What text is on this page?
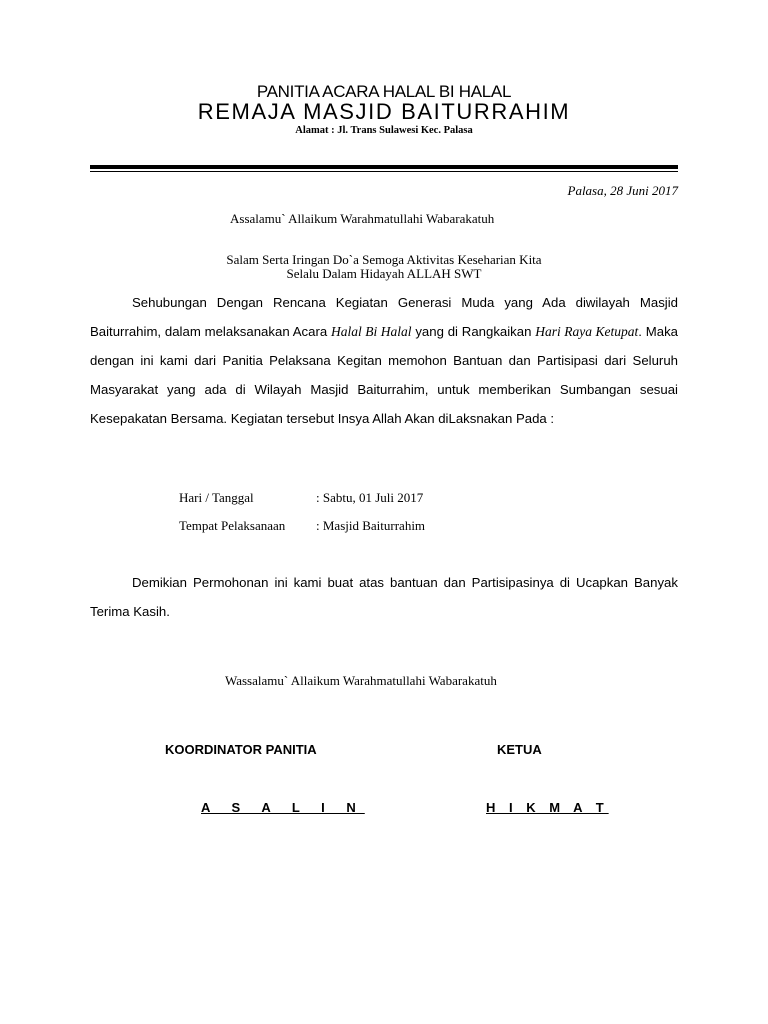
PANITIA ACARA HALAL BI HALAL
REMAJA MASJID BAITURRAHIM
Alamat : Jl. Trans Sulawesi Kec. Palasa
Palasa, 28 Juni 2017
Assalamu` Allaikum Warahmatullahi Wabarakatuh
Salam Serta Iringan Do`a Semoga Aktivitas Keseharian Kita
Selalu Dalam Hidayah ALLAH SWT
Sehubungan Dengan Rencana Kegiatan Generasi Muda yang Ada diwilayah Masjid Baiturrahim, dalam melaksanakan Acara Halal Bi Halal yang di Rangkaikan Hari Raya Ketupat. Maka dengan ini kami dari Panitia Pelaksana Kegitan memohon Bantuan dan Partisipasi dari Seluruh Masyarakat yang ada di Wilayah Masjid Baiturrahim, untuk memberikan Sumbangan sesuai Kesepakatan Bersama. Kegiatan tersebut Insya Allah Akan diLaksnakan Pada :
Hari / Tanggal	: Sabtu, 01 Juli 2017
Tempat Pelaksanaan : Masjid Baiturrahim
Demikian Permohonan ini kami buat atas bantuan dan Partisipasinya di Ucapkan Banyak Terima Kasih.
Wassalamu` Allaikum Warahmatullahi Wabarakatuh
KOORDINATOR PANITIA	KETUA
A S A L I N	H I K M A T
